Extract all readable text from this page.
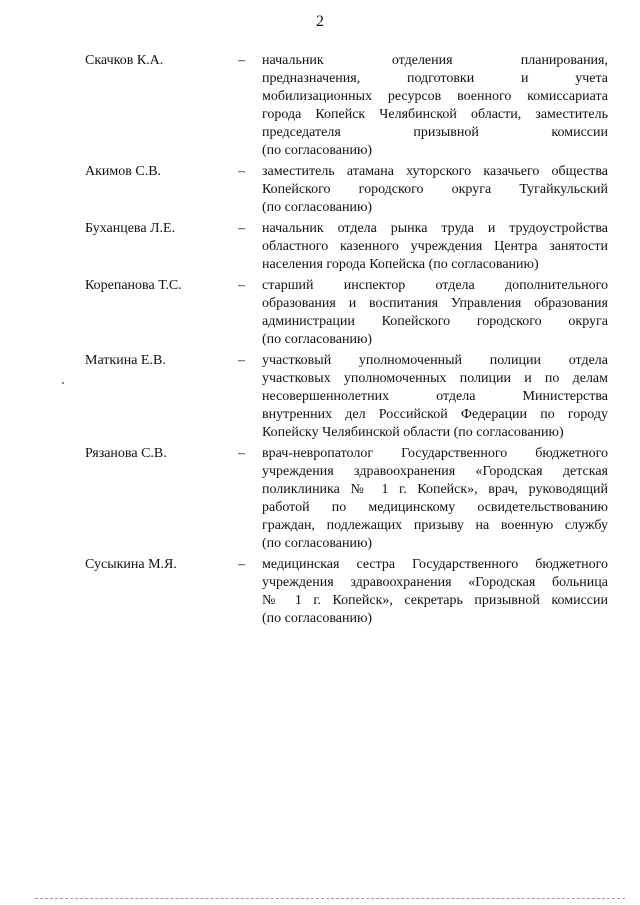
2
Скачков К.А.	– начальник отделения планирования,

предназначения, подготовки и учета

мобилизационных ресурсов военного комиссариата

города Копейск Челябинской области, заместитель

председателя призывной комиссии

(по согласованию)

Акимов С.В.	– заместитель атамана хуторского казачьего общества

Копейского городского округа Тугайкульский

(по согласованию)

Буханцева Л.Е.	– начальник отдела рынка труда и трудоустройства

областного казенного учреждения Центра занятости

населения города Копейска (по согласованию)

Корепанова Т.С.	– старший инспектор отдела дополнительного

образования и воспитания Управления образования

администрации Копейского городского округа

(по согласованию)

Маткина Е.В.	– участковый уполномоченный полиции отдела

участковых уполномоченных полиции и по делам

несовершеннолетних отдела Министерства

внутренних дел Российской Федерации по городу

Копейску Челябинской области (по согласованию)

Рязанова С.В.	– врач-невропатолог Государственного бюджетного

учреждения здравоохранения «Городская детская

поликлиника № 1 г. Копейск», врач, руководящий

работой по медицинскому освидетельствованию

граждан, подлежащих призыву на военную службу

(по согласованию)

Сусыкина М.Я.	– медицинская сестра Государственного бюджетного

учреждения здравоохранения «Городская больница

№ 1 г. Копейск», секретарь призывной комиссии

(по согласованию)
